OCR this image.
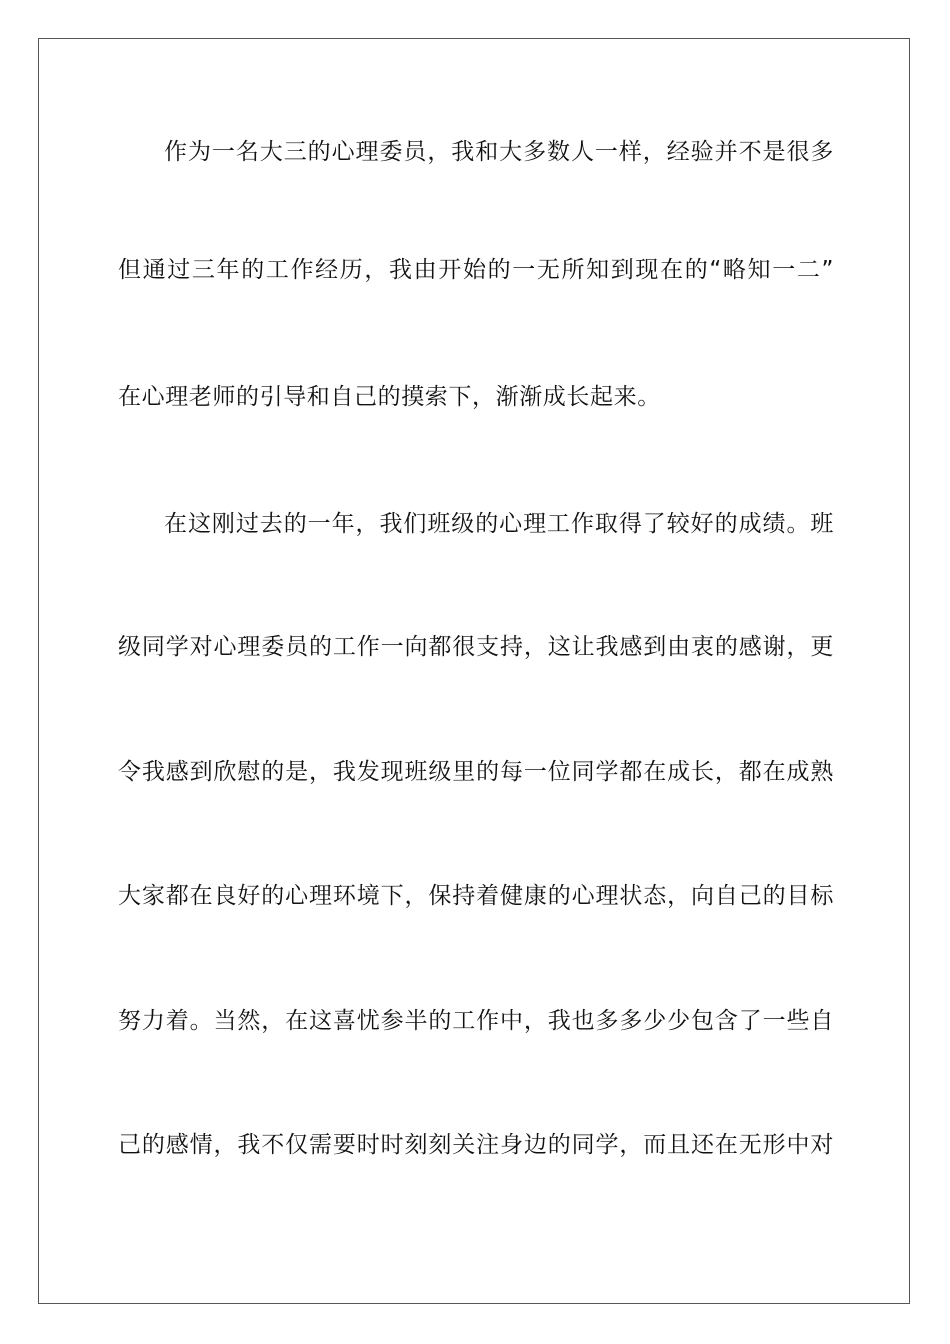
作为一名大三的心理委员，我和大多数人一样，经验并不是很多
但通过三年的工作经历，我由开始的一无所知到现在的“略知一二”
在心理老师的引导和自己的摸索下，渐渐成长起来。
在这刚过去的一年，我们班级的心理工作取得了较好的成绩。班
级同学对心理委员的工作一向都很支持，这让我感到由衷的感谢，更
令我感到欣慰的是，我发现班级里的每一位同学都在成长，都在成熟
大家都在良好的心理环境下，保持着健康的心理状态，向自己的目标
努力着。当然，在这喜忧参半的工作中，我也多多少少包含了一些自
己的感情，我不仅需要时时刻刻关注身边的同学，而且还在无形中对
